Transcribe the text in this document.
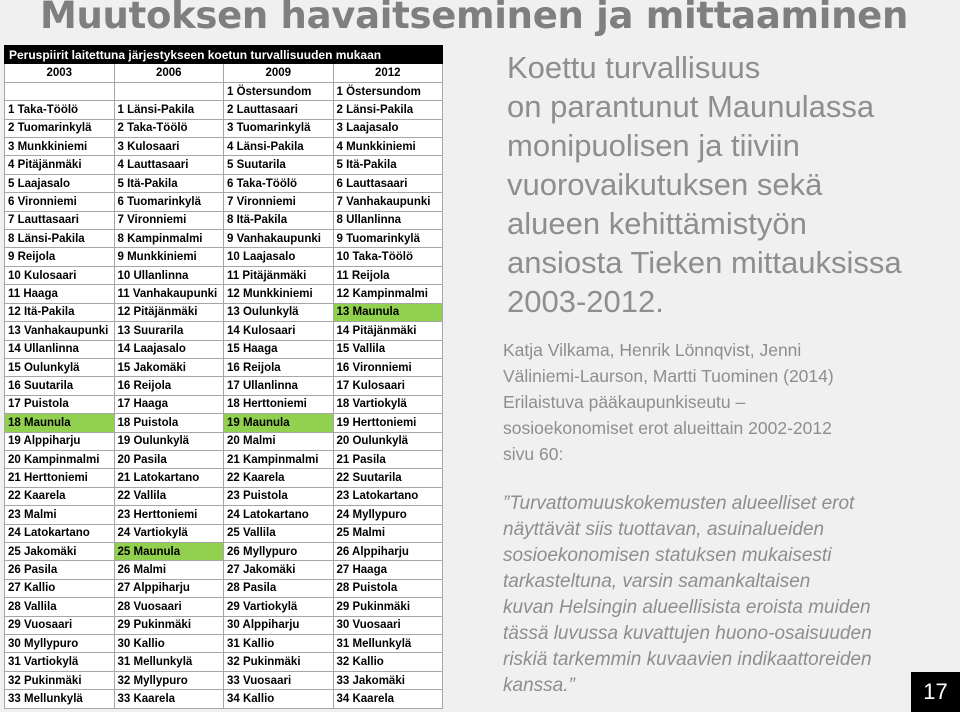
Muutoksen havaitseminen ja mittaaminen
Peruspiirit laitettuna järjestykseen koetun turvallisuuden mukaan			
2003	2006	2009	2012
		1 Östersundom	1 Östersundom
1 Taka-Töölö	1 Länsi-Pakila	2 Lauttasaari	2 Länsi-Pakila
2 Tuomarinkylä	2 Taka-Töölö	3 Tuomarinkylä	3 Laajasalo
3 Munkkiniemi	3 Kulosaari	4 Länsi-Pakila	4 Munkkiniemi
4 Pitäjänmäki	4 Lauttasaari	5 Suutarila	5 Itä-Pakila
5 Laajasalo	5 Itä-Pakila	6 Taka-Töölö	6 Lauttasaari
6 Vironniemi	6 Tuomarinkylä	7 Vironniemi	7 Vanhakaupunki
7 Lauttasaari	7 Vironniemi	8 Itä-Pakila	8 Ullanlinna
8 Länsi-Pakila	8 Kampinmalmi	9 Vanhakaupunki	9 Tuomarinkylä
9 Reijola	9 Munkkiniemi	10 Laajasalo	10 Taka-Töölö
10 Kulosaari	10 Ullanlinna	11 Pitäjänmäki	11 Reijola
11 Haaga	11 Vanhakaupunki	12 Munkkiniemi	12 Kampinmalmi
12 Itä-Pakila	12 Pitäjänmäki	13 Oulunkylä	13 Maunula
13 Vanhakaupunki	13 Suurarila	14 Kulosaari	14 Pitäjänmäki
14 Ullanlinna	14 Laajasalo	15 Haaga	15 Vallila
15 Oulunkylä	15 Jakomäki	16 Reijola	16 Vironniemi
16 Suutarila	16 Reijola	17 Ullanlinna	17 Kulosaari
17 Puistola	17 Haaga	18 Herttoniemi	18 Vartiokylä
18 Maunula	18 Puistola	19 Maunula	19 Herttoniemi
19 Alppiharju	19 Oulunkylä	20 Malmi	20 Oulunkylä
20 Kampinmalmi	20 Pasila	21 Kampinmalmi	21 Pasila
21 Herttoniemi	21 Latokartano	22 Kaarela	22 Suutarila
22 Kaarela	22 Vallila	23 Puistola	23 Latokartano
23 Malmi	23 Herttoniemi	24 Latokartano	24 Myllypuro
24 Latokartano	24 Vartiokylä	25 Vallila	25 Malmi
25 Jakomäki	25 Maunula	26 Myllypuro	26 Alppiharju
26 Pasila	26 Malmi	27 Jakomäki	27 Haaga
27 Kallio	27 Alppiharju	28 Pasila	28 Puistola
28 Vallila	28 Vuosaari	29 Vartiokylä	29 Pukinmäki
29 Vuosaari	29 Pukinmäki	30 Alppiharju	30 Vuosaari
30 Myllypuro	30 Kallio	31 Kallio	31 Mellunkylä
31 Vartiokylä	31 Mellunkylä	32 Pukinmäki	32 Kallio
32 Pukinmäki	32 Myllypuro	33 Vuosaari	33 Jakomäki
33 Mellunkylä	33 Kaarela	34 Kallio	34 Kaarela

Koettu turvallisuus
on parantunut Maunulassa
monipuolisen ja tiiviin
vuorovaikutuksen sekä
alueen kehittämistyön
ansiosta Tieken mittauksissa
2003-2012.

Katja Vilkama, Henrik Lönnqvist, Jenni
Väliniemi-Laurson, Martti Tuominen (2014)
Erilaistuva pääkaupunkiseutu –
sosioekonomiset erot alueittain 2002-2012
sivu 60:
”Turvattomuuskokemusten alueelliset erot
näyttävät siis tuottavan, asuinalueiden
sosioekonomisen statuksen mukaisesti
tarkasteltuna, varsin samankaltaisen
kuvan Helsingin alueellisista eroista muiden
tässä luvussa kuvattujen huono-osaisuuden
riskiä tarkemmin kuvaavien indikaattoreiden
kanssa.”	17
